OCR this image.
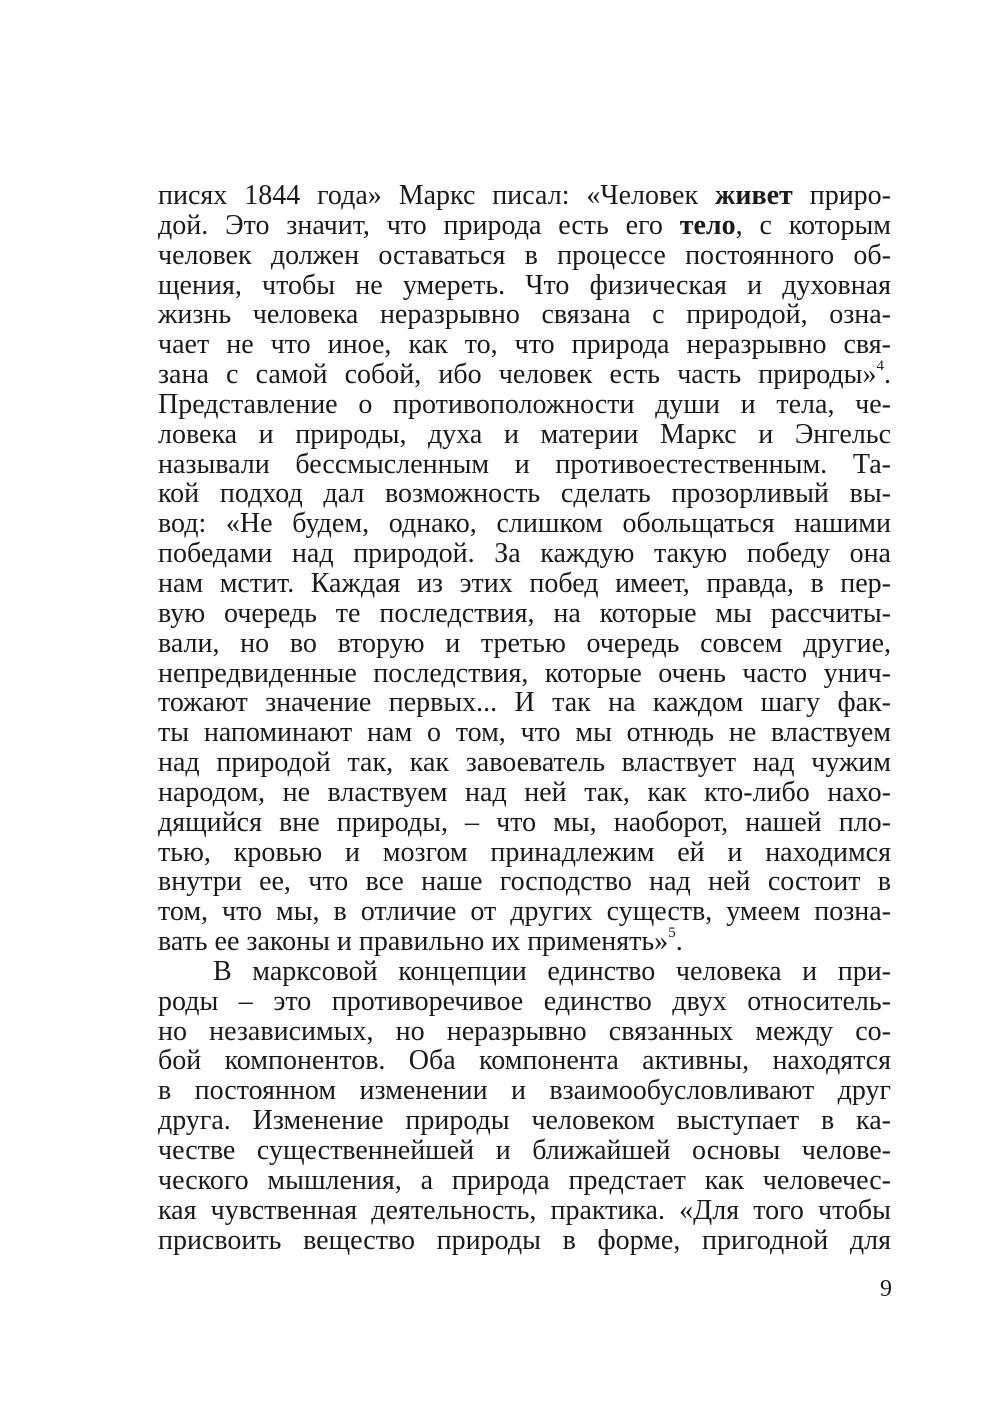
писях 1844 года» Маркс писал: «Человек живет приро-
дой. Это значит, что природа есть его тело, с которым
человек должен оставаться в процессе постоянного об-
щения, чтобы не умереть. Что физическая и духовная
жизнь человека неразрывно связана с природой, озна-
чает не что иное, как то, что природа неразрывно свя-
зана с самой собой, ибо человек есть часть природы»$^4$.
Представление о противоположности души и тела, че-
ловека и природы, духа и материи Маркс и Энгельс
называли бессмысленным и противоестественным. Та-
кой подход дал возможность сделать прозорливый вы-
вод: «Не будем, однако, слишком обольщаться нашими
победами над природой. За каждую такую победу она
нам мстит. Каждая из этих побед имеет, правда, в пер-
вую очередь те последствия, на которые мы рассчиты-
вали, но во вторую и третью очередь совсем другие,
непредвиденные последствия, которые очень часто унич-
тожают значение первых... И так на каждом шагу фак-
ты напоминают нам о том, что мы отнюдь не властвуем
над природой так, как завоеватель властвует над чужим
народом, не властвуем над ней так, как кто-либо нахо-
дящийся вне природы, – что мы, наоборот, нашей пло-
тью, кровью и мозгом принадлежим ей и находимся
внутри ее, что все наше господство над ней состоит в
том, что мы, в отличие от других существ, умеем позна-
вать ее законы и правильно их применять»$^5$.
В марксовой концепции единство человека и при-
роды – это противоречивое единство двух относитель-
но независимых, но неразрывно связанных между со-
бой компонентов. Оба компонента активны, находятся
в постоянном изменении и взаимообусловливают друг
друга. Изменение природы человеком выступает в ка-
честве существеннейшей и ближайшей основы челове-
ческого мышления, а природа предстает как человечес-
кая чувственная деятельность, практика. «Для того чтобы
присвоить вещество природы в форме, пригодной для
9
